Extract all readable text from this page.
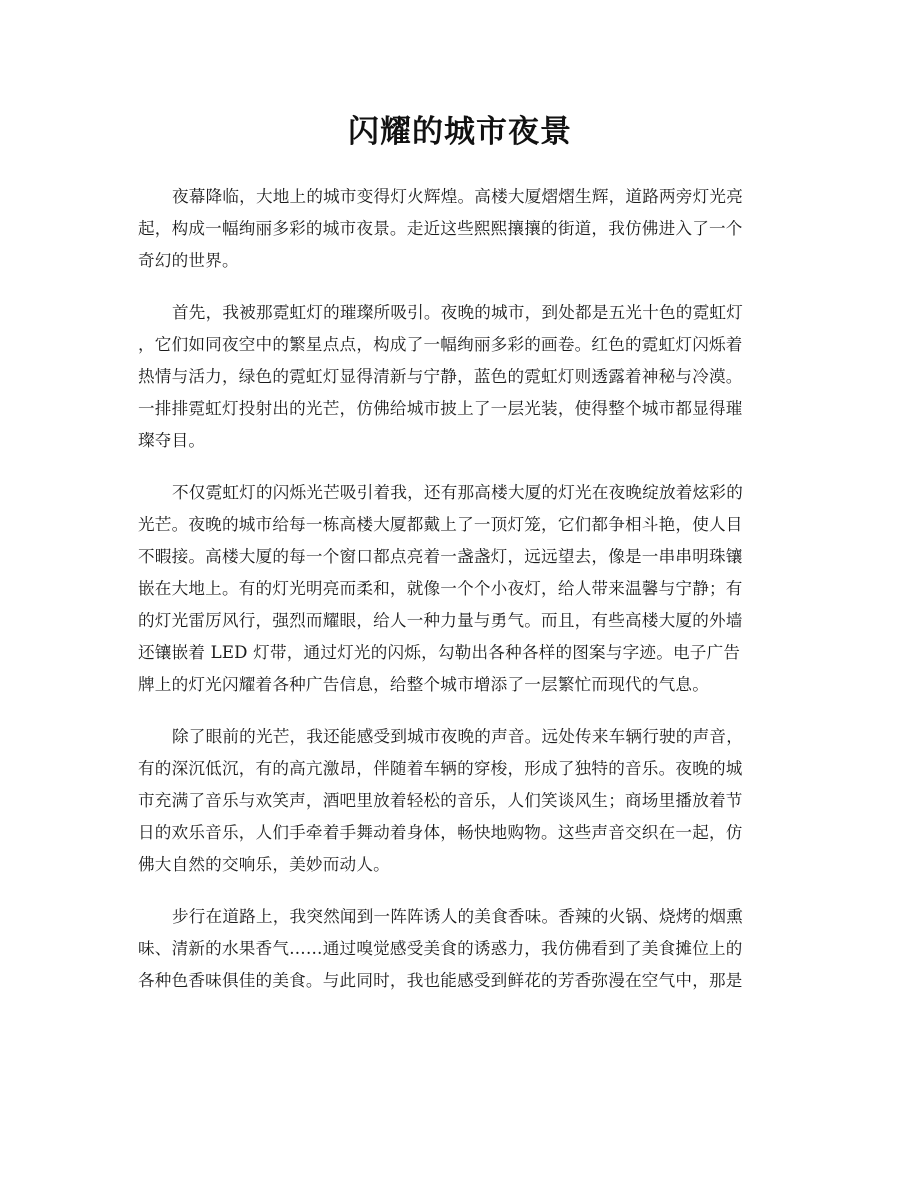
闪耀的城市夜景

夜幕降临，大地上的城市变得灯火辉煌。高楼大厦熠熠生辉，道路两旁灯光亮
起，构成一幅绚丽多彩的城市夜景。走近这些熙熙攘攘的街道，我仿佛进入了一个
奇幻的世界。

首先，我被那霓虹灯的璀璨所吸引。夜晚的城市，到处都是五光十色的霓虹灯
，它们如同夜空中的繁星点点，构成了一幅绚丽多彩的画卷。红色的霓虹灯闪烁着
热情与活力，绿色的霓虹灯显得清新与宁静，蓝色的霓虹灯则透露着神秘与冷漠。
一排排霓虹灯投射出的光芒，仿佛给城市披上了一层光装，使得整个城市都显得璀
璨夺目。

不仅霓虹灯的闪烁光芒吸引着我，还有那高楼大厦的灯光在夜晚绽放着炫彩的
光芒。夜晚的城市给每一栋高楼大厦都戴上了一顶灯笼，它们都争相斗艳，使人目
不暇接。高楼大厦的每一个窗口都点亮着一盏盏灯，远远望去，像是一串串明珠镶
嵌在大地上。有的灯光明亮而柔和，就像一个个小夜灯，给人带来温馨与宁静；有
的灯光雷厉风行，强烈而耀眼，给人一种力量与勇气。而且，有些高楼大厦的外墙
还镶嵌着 LED 灯带，通过灯光的闪烁，勾勒出各种各样的图案与字迹。电子广告
牌上的灯光闪耀着各种广告信息，给整个城市增添了一层繁忙而现代的气息。

除了眼前的光芒，我还能感受到城市夜晚的声音。远处传来车辆行驶的声音，
有的深沉低沉，有的高亢激昂，伴随着车辆的穿梭，形成了独特的音乐。夜晚的城
市充满了音乐与欢笑声，酒吧里放着轻松的音乐，人们笑谈风生；商场里播放着节
日的欢乐音乐，人们手牵着手舞动着身体，畅快地购物。这些声音交织在一起，仿
佛大自然的交响乐，美妙而动人。

步行在道路上，我突然闻到一阵阵诱人的美食香味。香辣的火锅、烧烤的烟熏
味、清新的水果香气……通过嗅觉感受美食的诱惑力，我仿佛看到了美食摊位上的
各种色香味俱佳的美食。与此同时，我也能感受到鲜花的芳香弥漫在空气中，那是
